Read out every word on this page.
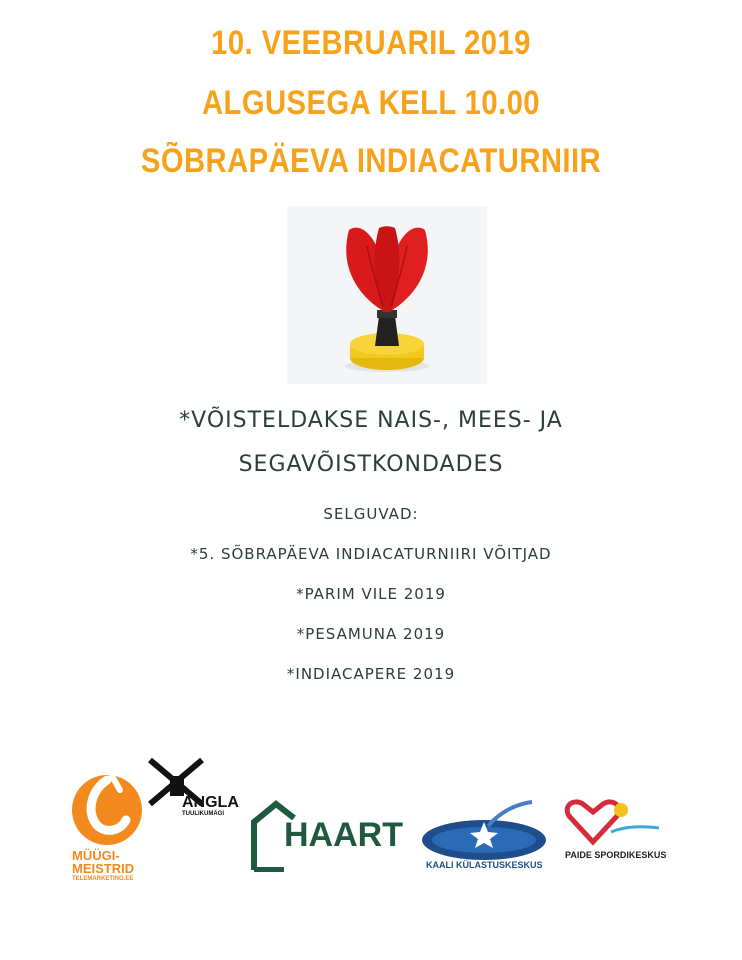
10. VEEBRUARIL 2019
ALGUSEGA KELL 10.00
SÕBRAPÄEVA INDIACATURNIIR
*VÕISTELDAKSE NAIS-, MEES- JA
SEGAVÕISTKONDADES
SELGUVAD:
*5. SÕBRAPÄEVA INDIACATURNIIRI VÕITJAD
*PARIM VILE 2019
*PESAMUNA 2019
*INDIACAPERE 2019
MÜÜGI-
MEISTRID
TELEMARKETING.EE
ANGLA
TUULIKUMÄGI
HAART
KAALI KÜLASTUSKESKUS
PAIDE SPORDIKESKUS
